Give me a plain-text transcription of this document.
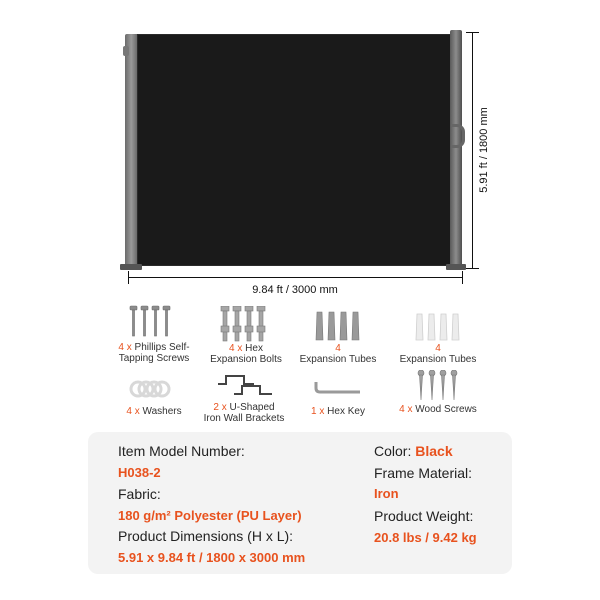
9.84 ft / 3000 mm
5.91 ft / 1800 mm
4 x Phillips Self-
Tapping Screws
4 x Hex
Expansion Bolts
4
Expansion Tubes
4
Expansion Tubes
4 x Washers	2 x U-Shaped
Iron Wall Brackets
1 x Hex Key	4 x Wood Screws
Item Model Number:
H038-2
Fabric:
180 g/m² Polyester (PU Layer)
Product Dimensions (H x L):
5.91 x 9.84 ft / 1800 x 3000 mm
Color: Black
Frame Material:
Iron
Product Weight:
20.8 lbs / 9.42 kg
